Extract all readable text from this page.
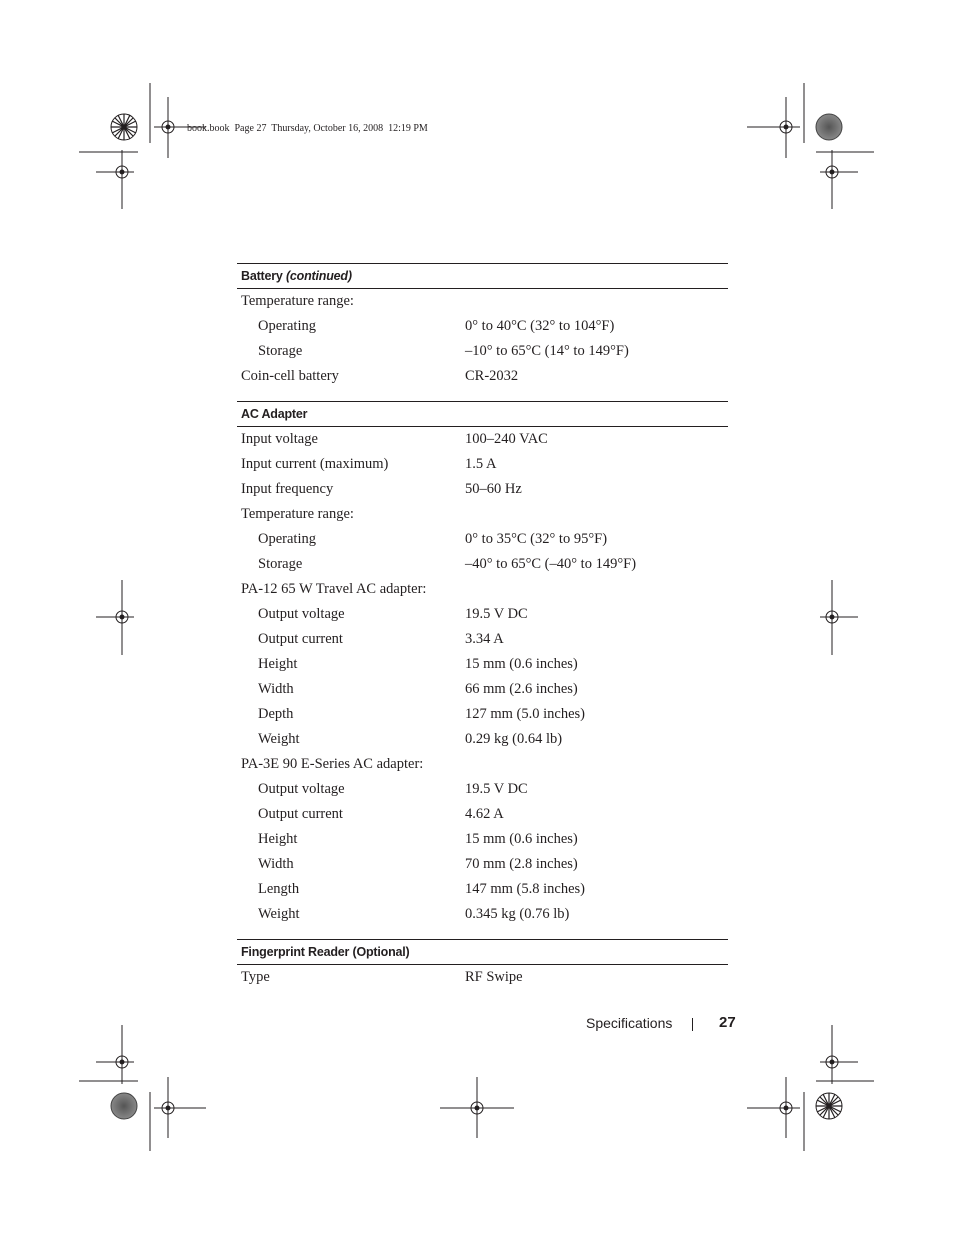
book.book  Page 27  Thursday, October 16, 2008  12:19 PM
Battery (continued)
Temperature range:
Operating	0° to 40°C (32° to 104°F)
Storage	–10° to 65°C (14° to 149°F)
Coin-cell battery	CR-2032
AC Adapter
Input voltage	100–240 VAC
Input current (maximum)	1.5 A
Input frequency	50–60 Hz
Temperature range:
Operating	0° to 35°C (32° to 95°F)
Storage	–40° to 65°C (–40° to 149°F)
PA-12 65 W Travel AC adapter:
Output voltage	19.5 V DC
Output current	3.34 A
Height	15 mm (0.6 inches)
Width	66 mm (2.6 inches)
Depth	127 mm (5.0 inches)
Weight	0.29 kg (0.64 lb)
PA-3E 90 E-Series AC adapter:
Output voltage	19.5 V DC
Output current	4.62 A
Height	15 mm (0.6 inches)
Width	70 mm (2.8 inches)
Length	147 mm (5.8 inches)
Weight	0.345 kg (0.76 lb)
Fingerprint Reader (Optional)
Type	RF Swipe
Specifications	27
